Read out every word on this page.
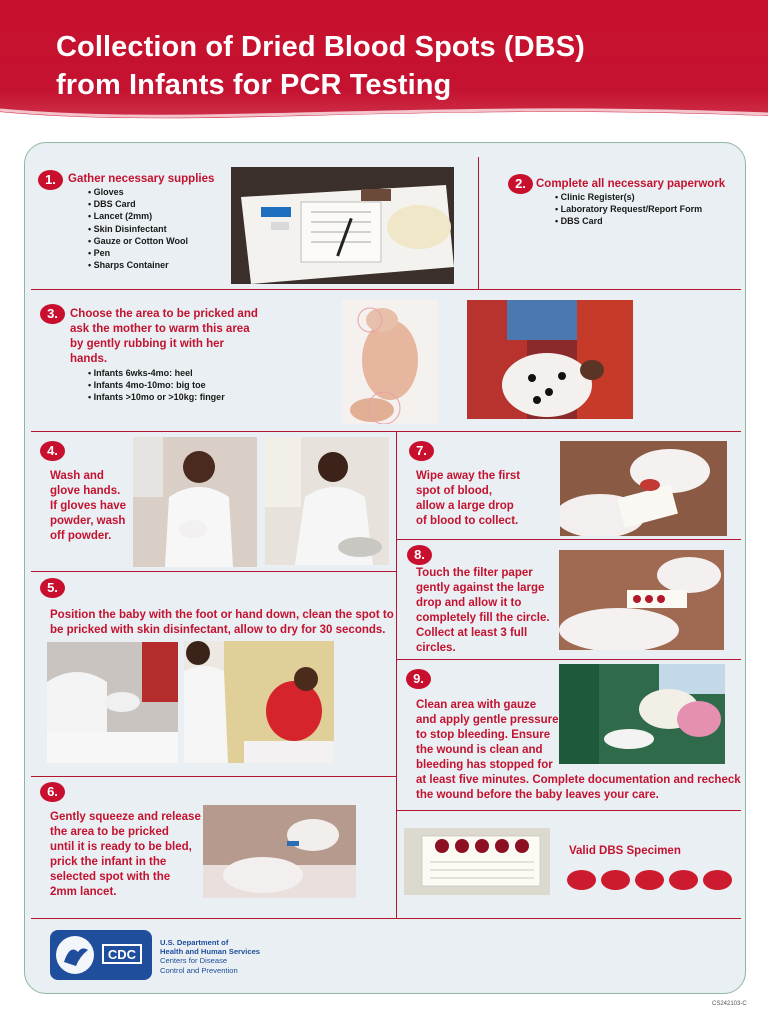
Collection of Dried Blood Spots (DBS)
from Infants for PCR Testing
1.	Gather necessary supplies
• Gloves
• DBS Card
• Lancet (2mm)
• Skin Disinfectant
• Gauze or Cotton Wool
• Pen
• Sharps Container
2. Complete all necessary paperwork
• Clinic Register(s)
• Laboratory Request/Report Form
• DBS Card
3.	Choose the area to be pricked and
ask the mother to warm this area
by gently rubbing it with her
hands.
• Infants 6wks-4mo: heel
• Infants 4mo-10mo: big toe
• Infants >10mo or >10kg: finger
4.
Wash and
glove hands.
If gloves have
powder, wash
off powder.
5.
Position the baby with the foot or hand down, clean the spot to
be pricked with skin disinfectant, allow to dry for 30 seconds.
6.
Gently squeeze and release
the area to be pricked
until it is ready to be bled,
prick the infant in the
selected spot with the
2mm lancet.
7.
Wipe away the first
spot of blood,
allow a large drop
of blood to collect.
8.
Touch the filter paper
gently against the large
drop and allow it to
completely fill the circle.
Collect at least 3 full
circles.
9.
Clean area with gauze
and apply gentle pressure
to stop bleeding. Ensure
the wound is clean and
bleeding has stopped for
at least five minutes. Complete documentation and recheck
the wound before the baby leaves your care.
Valid DBS Specimen
CDC
U.S. Department of
Health and Human Services
Centers for Disease
Control and Prevention
CS242103-C
